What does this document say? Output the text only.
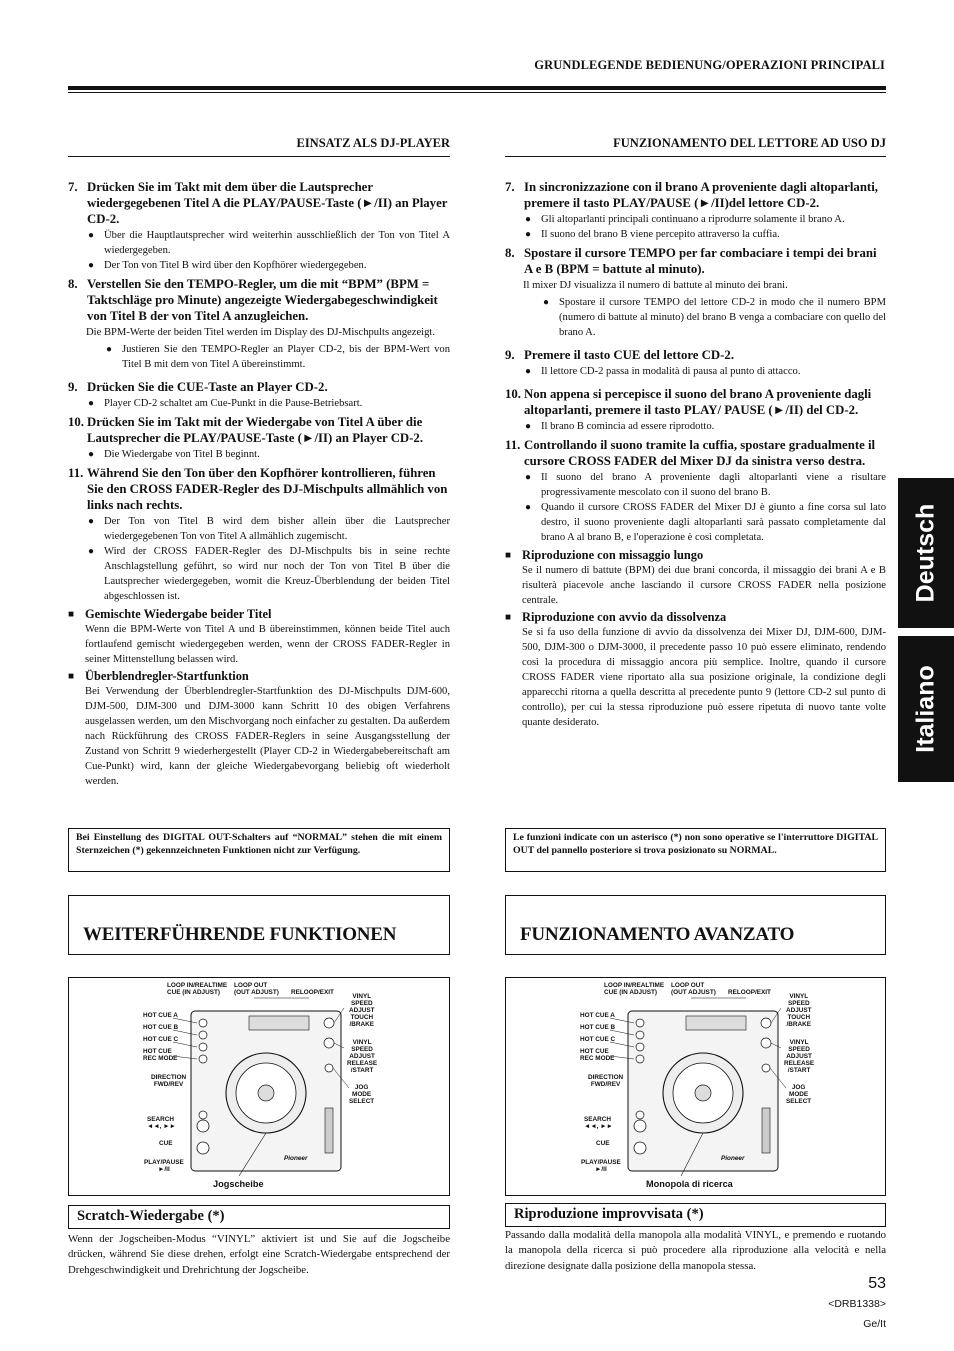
GRUNDLEGENDE BEDIENUNG/OPERAZIONI PRINCIPALI
EINSATZ ALS DJ-PLAYER	FUNZIONAMENTO DEL LETTORE AD USO DJ
7. Drücken Sie im Takt mit dem über die Lautsprecher wiedergegebenen Titel A die PLAY/PAUSE-Taste (►/II) an Player CD-2.
● Über die Hauptlautsprecher wird weiterhin ausschließlich der Ton von Titel A wiedergegeben.
● Der Ton von Titel B wird über den Kopfhörer wiedergegeben.
8. Verstellen Sie den TEMPO-Regler, um die mit “BPM” (BPM = Taktschläge pro Minute) angezeigte Wiedergabegeschwindigkeit von Titel B der von Titel A anzugleichen.
Die BPM-Werte der beiden Titel werden im Display des DJ-Mischpults angezeigt.
● Justieren Sie den TEMPO-Regler an Player CD-2, bis der BPM-Wert von Titel B mit dem von Titel A übereinstimmt.
9. Drücken Sie die CUE-Taste an Player CD-2.
● Player CD-2 schaltet am Cue-Punkt in die Pause-Betriebsart.
10. Drücken Sie im Takt mit der Wiedergabe von Titel A über die Lautsprecher die PLAY/PAUSE-Taste (►/II) an Player CD-2.
● Die Wiedergabe von Titel B beginnt.
11. Während Sie den Ton über den Kopfhörer kontrollieren, führen Sie den CROSS FADER-Regler des DJ-Mischpults allmählich von links nach rechts.
● Der Ton von Titel B wird dem bisher allein über die Lautsprecher wiedergegebenen Ton von Titel A allmählich zugemischt.
● Wird der CROSS FADER-Regler des DJ-Mischpults bis in seine rechte Anschlagstellung geführt, so wird nur noch der Ton von Titel B über die Lautsprecher wiedergegeben, womit die Kreuz-Überblendung der beiden Titel abgeschlossen ist.
■ Gemischte Wiedergabe beider Titel
Wenn die BPM-Werte von Titel A und B übereinstimmen, können beide Titel auch fortlaufend gemischt wiedergegeben werden, wenn der CROSS FADER-Regler in seiner Mittenstellung belassen wird.
■ Überblendregler-Startfunktion
Bei Verwendung der Überblendregler-Startfunktion des DJ-Mischpults DJM-600, DJM-500, DJM-300 und DJM-3000 kann Schritt 10 des obigen Verfahrens ausgelassen werden, um den Mischvorgang noch einfacher zu gestalten. Da außerdem nach Rückführung des CROSS FADER-Reglers in seine Ausgangsstellung der Zustand von Schritt 9 wiederhergestellt (Player CD-2 in Wiedergabebereitschaft am Cue-Punkt) wird, kann der gleiche Wiedergabevorgang beliebig oft wiederholt werden.
7. In sincronizzazione con il brano A proveniente dagli altoparlanti, premere il tasto PLAY/PAUSE (►/II)del lettore CD-2.
● Gli altoparlanti principali continuano a riprodurre solamente il brano A.
● Il suono del brano B viene percepito attraverso la cuffia.
8. Spostare il cursore TEMPO per far combaciare i tempi dei brani A e B (BPM = battute al minuto).
Il mixer DJ visualizza il numero di battute al minuto dei brani.
● Spostare il cursore TEMPO del lettore CD-2 in modo che il numero BPM (numero di battute al minuto) del brano B venga a combaciare con quello del brano A.
9. Premere il tasto CUE del lettore CD-2.
● Il lettore CD-2 passa in modalità di pausa al punto di attacco.
10. Non appena si percepisce il suono del brano A proveniente dagli altoparlanti, premere il tasto PLAY/ PAUSE (►/II) del CD-2.
● Il brano B comincia ad essere riprodotto.
11. Controllando il suono tramite la cuffia, spostare gradualmente il cursore CROSS FADER del Mixer DJ da sinistra verso destra.
● Il suono del brano A proveniente dagli altoparlanti viene a risultare progressivamente mescolato con il suono del brano B.
● Quando il cursore CROSS FADER del Mixer DJ è giunto a fine corsa sul lato destro, il suono proveniente dagli altoparlanti sarà passato completamente dal brano A al brano B, e l'operazione è così completata.
■ Riproduzione con missaggio lungo
Se il numero di battute (BPM) dei due brani concorda, il missaggio dei brani A e B risulterà piacevole anche lasciando il cursore CROSS FADER nella posizione centrale.
■ Riproduzione con avvio da dissolvenza
Se si fa uso della funzione di avvio da dissolvenza dei Mixer DJ, DJM-600, DJM-500, DJM-300 o DJM-3000, il precedente passo 10 può essere eliminato, rendendo così la procedura di missaggio ancora più semplice. Inoltre, quando il cursore CROSS FADER viene riportato alla sua posizione originale, la condizione degli apparecchi ritorna a quella descritta al precedente punto 9 (lettore CD-2 sul punto di controllo), per cui la stessa riproduzione può essere ripetuta di nuovo tante volte quante desiderato.
Bei Einstellung des DIGITAL OUT-Schalters auf “NORMAL” stehen die mit einem Sternzeichen (*) gekennzeichneten Funktionen nicht zur Verfügung.
Le funzioni indicate con un asterisco (*) non sono operative se l'interruttore DIGITAL OUT del pannello posteriore si trova posizionato su NORMAL.
WEITERFÜHRENDE FUNKTIONEN	FUNZIONAMENTO AVANZATO
LOOP IN/REALTIME
CUE (IN ADJUST)
LOOP OUT
(OUT ADJUST) RELOOP/EXIT
HOT CUE A
HOT CUE B
HOT CUE C
HOT CUE
REC MODE
DIRECTION
FWD/REV
SEARCH
◄◄, ►►
CUE
PLAY/PAUSE
►/II
VINYL
SPEED
ADJUST
TOUCH
/BRAKE
VINYL
SPEED
ADJUST
RELEASE
/START
JOG
MODE
SELECT
Pioneer
Jogscheibe
LOOP IN/REALTIME
CUE (IN ADJUST)
LOOP OUT
(OUT ADJUST) RELOOP/EXIT
HOT CUE A
HOT CUE B
HOT CUE C
HOT CUE
REC MODE
DIRECTION
FWD/REV
SEARCH
◄◄, ►►
CUE
PLAY/PAUSE
►/II
VINYL
SPEED
ADJUST
TOUCH
/BRAKE
VINYL
SPEED
ADJUST
RELEASE
/START
JOG
MODE
SELECT
Pioneer
Monopola di ricerca
Scratch-Wiedergabe (*)
Wenn der Jogscheiben-Modus “VINYL” aktiviert ist und Sie auf die Jogscheibe drücken, während Sie diese drehen, erfolgt eine Scratch-Wiedergabe entsprechend der Drehgeschwindigkeit und Drehrichtung der Jogscheibe.
Riproduzione improvvisata (*)
Passando dalla modalità della manopola alla modalità VINYL, e premendo e ruotando la manopola della ricerca si può procedere alla riproduzione alla velocità e nella direzione designate dalla posizione della manopola stessa.
Deutsch
Italiano
53
<DRB1338>
Ge/It
